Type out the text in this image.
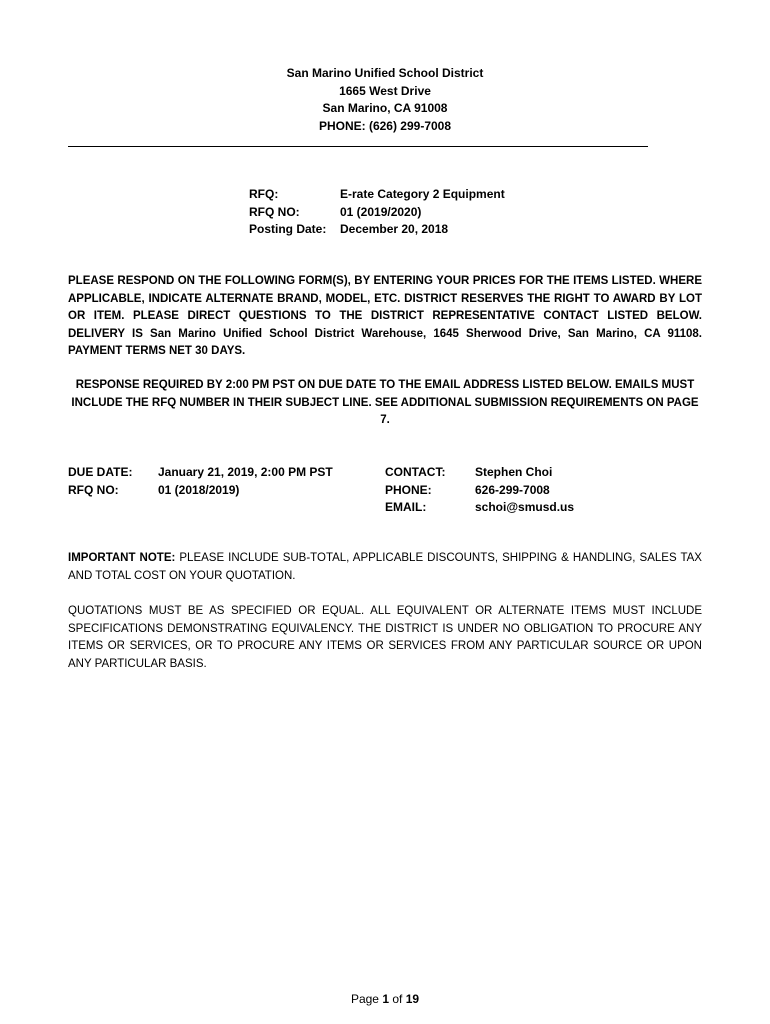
San Marino Unified School District
1665 West Drive
San Marino, CA 91008
PHONE: (626) 299-7008
RFQ:	E-rate Category 2 Equipment
RFQ NO:	01 (2019/2020)
Posting Date:	December 20, 2018
PLEASE RESPOND ON THE FOLLOWING FORM(S), BY ENTERING YOUR PRICES FOR THE ITEMS LISTED. WHERE APPLICABLE, INDICATE ALTERNATE BRAND, MODEL, ETC. DISTRICT RESERVES THE RIGHT TO AWARD BY LOT OR ITEM. PLEASE DIRECT QUESTIONS TO THE DISTRICT REPRESENTATIVE CONTACT LISTED BELOW. DELIVERY IS San Marino Unified School District Warehouse, 1645 Sherwood Drive, San Marino, CA 91108. PAYMENT TERMS NET 30 DAYS.
RESPONSE REQUIRED BY 2:00 PM PST ON DUE DATE TO THE EMAIL ADDRESS LISTED BELOW. EMAILS MUST INCLUDE THE RFQ NUMBER IN THEIR SUBJECT LINE. SEE ADDITIONAL SUBMISSION REQUIREMENTS ON PAGE 7.
DUE DATE: January 21, 2019, 2:00 PM PST	CONTACT: Stephen Choi
RFQ NO:	01 (2018/2019)	PHONE:	626-299-7008
EMAIL:	schoi@smusd.us
IMPORTANT NOTE: PLEASE INCLUDE SUB-TOTAL, APPLICABLE DISCOUNTS, SHIPPING & HANDLING, SALES TAX AND TOTAL COST ON YOUR QUOTATION.
QUOTATIONS MUST BE AS SPECIFIED OR EQUAL. ALL EQUIVALENT OR ALTERNATE ITEMS MUST INCLUDE SPECIFICATIONS DEMONSTRATING EQUIVALENCY. THE DISTRICT IS UNDER NO OBLIGATION TO PROCURE ANY ITEMS OR SERVICES, OR TO PROCURE ANY ITEMS OR SERVICES FROM ANY PARTICULAR SOURCE OR UPON ANY PARTICULAR BASIS.
Page 1 of 19
